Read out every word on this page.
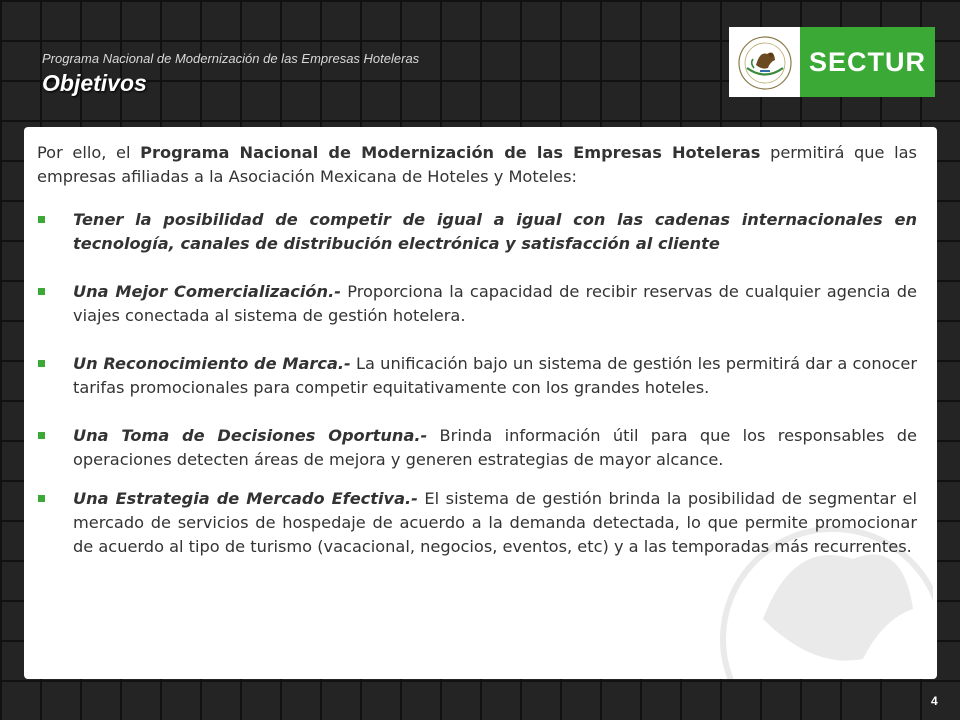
Programa Nacional de Modernización de las Empresas Hoteleras
Objetivos
SECTUR

Por ello, el Programa Nacional de Modernización de las Empresas Hoteleras permitirá que las empresas afiliadas a la Asociación Mexicana de Hoteles y Moteles:

Tener la posibilidad de competir de igual a igual con las cadenas internacionales en tecnología, canales de distribución electrónica y satisfacción al cliente
Una Mejor Comercialización.- Proporciona la capacidad de recibir reservas de cualquier agencia de viajes conectada al sistema de gestión hotelera.
Un Reconocimiento de Marca.- La unificación bajo un sistema de gestión les permitirá dar a conocer tarifas promocionales para competir equitativamente con los grandes hoteles.
Una Toma de Decisiones Oportuna.- Brinda información útil para que los responsables de operaciones detecten áreas de mejora y generen estrategias de mayor alcance.
Una Estrategia de Mercado Efectiva.- El sistema de gestión brinda la posibilidad de segmentar el mercado de servicios de hospedaje de acuerdo a la demanda detectada, lo que permite promocionar de acuerdo al tipo de turismo (vacacional, negocios, eventos, etc) y a las temporadas más recurrentes.
4
